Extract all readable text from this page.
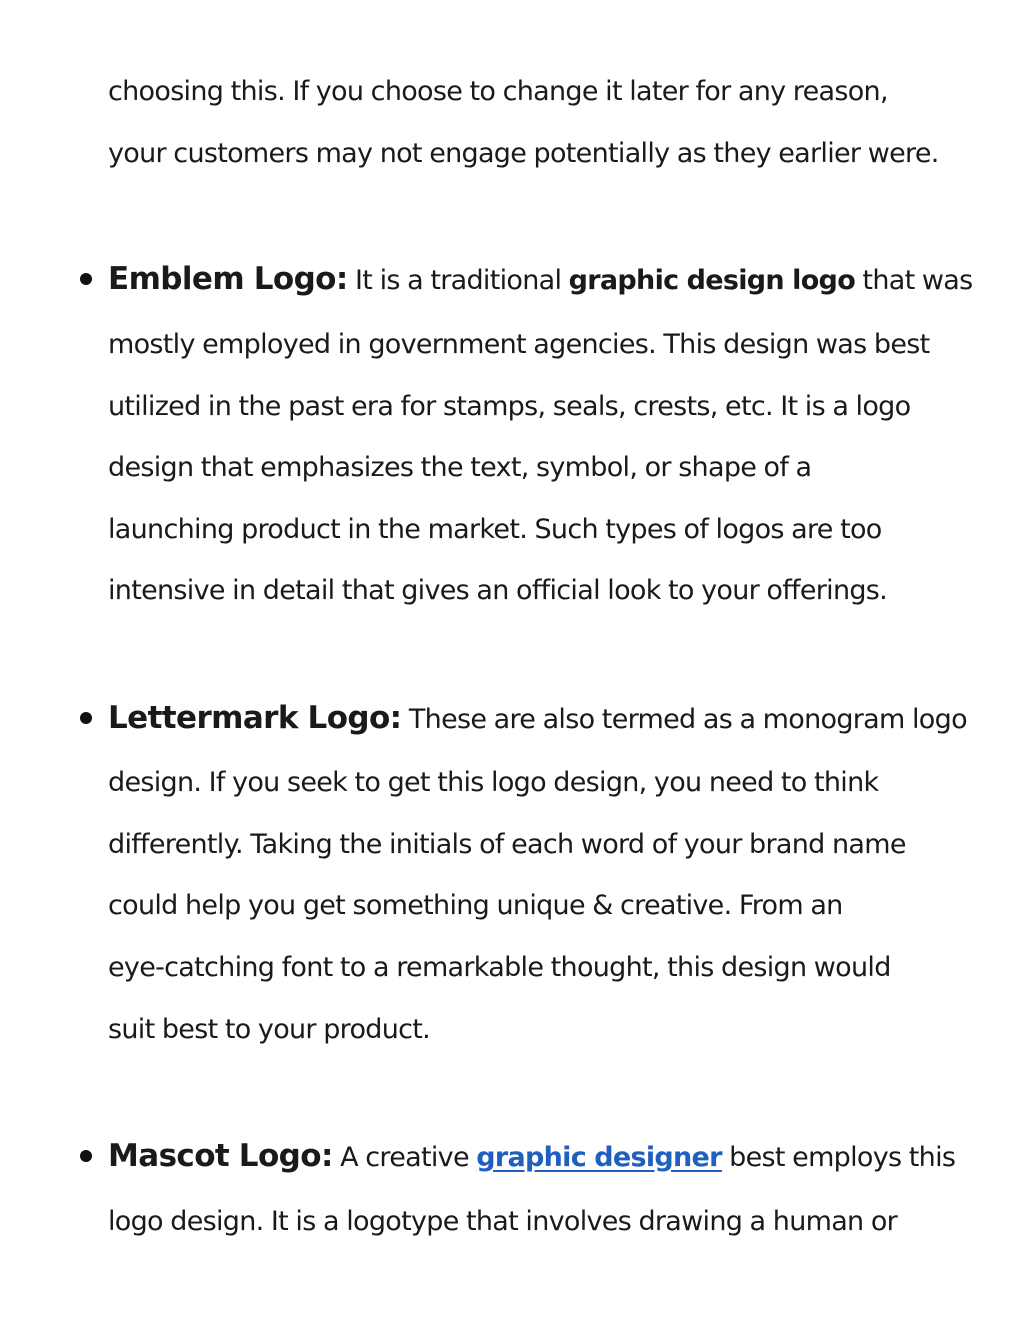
choosing this. If you choose to change it later for any reason,
your customers may not engage potentially as they earlier were.
Emblem Logo: It is a traditional graphic design logo that was
mostly employed in government agencies. This design was best
utilized in the past era for stamps, seals, crests, etc. It is a logo
design that emphasizes the text, symbol, or shape of a
launching product in the market. Such types of logos are too
intensive in detail that gives an official look to your offerings.
Lettermark Logo: These are also termed as a monogram logo
design. If you seek to get this logo design, you need to think
differently. Taking the initials of each word of your brand name
could help you get something unique & creative. From an
eye-catching font to a remarkable thought, this design would
suit best to your product.
Mascot Logo: A creative graphic designer best employs this
logo design. It is a logotype that involves drawing a human or
